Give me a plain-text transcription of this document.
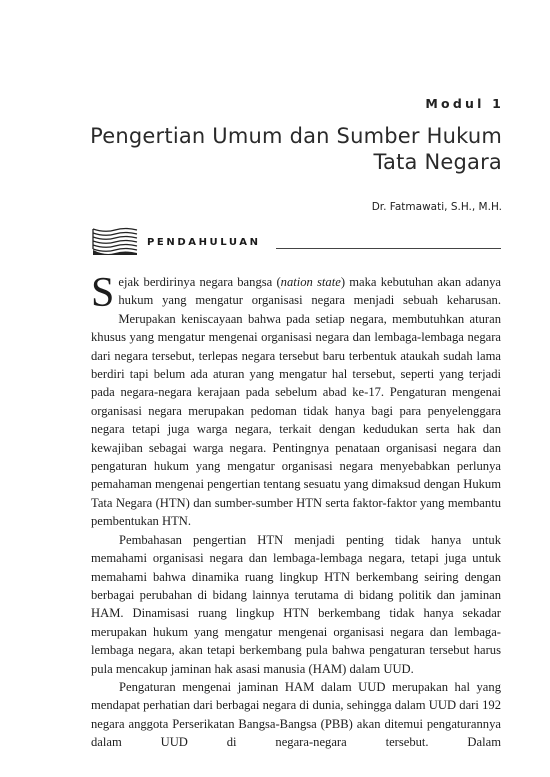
Modul 1
Pengertian Umum dan Sumber Hukum Tata Negara
Dr. Fatmawati, S.H., M.H.
PENDAHULUAN

Sejak berdirinya negara bangsa (nation state) maka kebutuhan akan adanya hukum yang mengatur organisasi negara menjadi sebuah keharusan. Merupakan keniscayaan bahwa pada setiap negara, membutuhkan aturan khusus yang mengatur mengenai organisasi negara dan lembaga-lembaga negara dari negara tersebut, terlepas negara tersebut baru terbentuk ataukah sudah lama berdiri tapi belum ada aturan yang mengatur hal tersebut, seperti yang terjadi pada negara-negara kerajaan pada sebelum abad ke-17. Pengaturan mengenai organisasi negara merupakan pedoman tidak hanya bagi para penyelenggara negara tetapi juga warga negara, terkait dengan kedudukan serta hak dan kewajiban sebagai warga negara. Pentingnya penataan organisasi negara dan pengaturan hukum yang mengatur organisasi negara menyebabkan perlunya pemahaman mengenai pengertian tentang sesuatu yang dimaksud dengan Hukum Tata Negara (HTN) dan sumber-sumber HTN serta faktor-faktor yang membantu pembentukan HTN.

Pembahasan pengertian HTN menjadi penting tidak hanya untuk memahami organisasi negara dan lembaga-lembaga negara, tetapi juga untuk memahami bahwa dinamika ruang lingkup HTN berkembang seiring dengan berbagai perubahan di bidang lainnya terutama di bidang politik dan jaminan HAM. Dinamisasi ruang lingkup HTN berkembang tidak hanya sekadar merupakan hukum yang mengatur mengenai organisasi negara dan lembaga-lembaga negara, akan tetapi berkembang pula bahwa pengaturan tersebut harus pula mencakup jaminan hak asasi manusia (HAM) dalam UUD.

Pengaturan mengenai jaminan HAM dalam UUD merupakan hal yang mendapat perhatian dari berbagai negara di dunia, sehingga dalam UUD dari 192 negara anggota Perserikatan Bangsa-Bangsa (PBB) akan ditemui pengaturannya dalam UUD di negara-negara tersebut. Dalam
